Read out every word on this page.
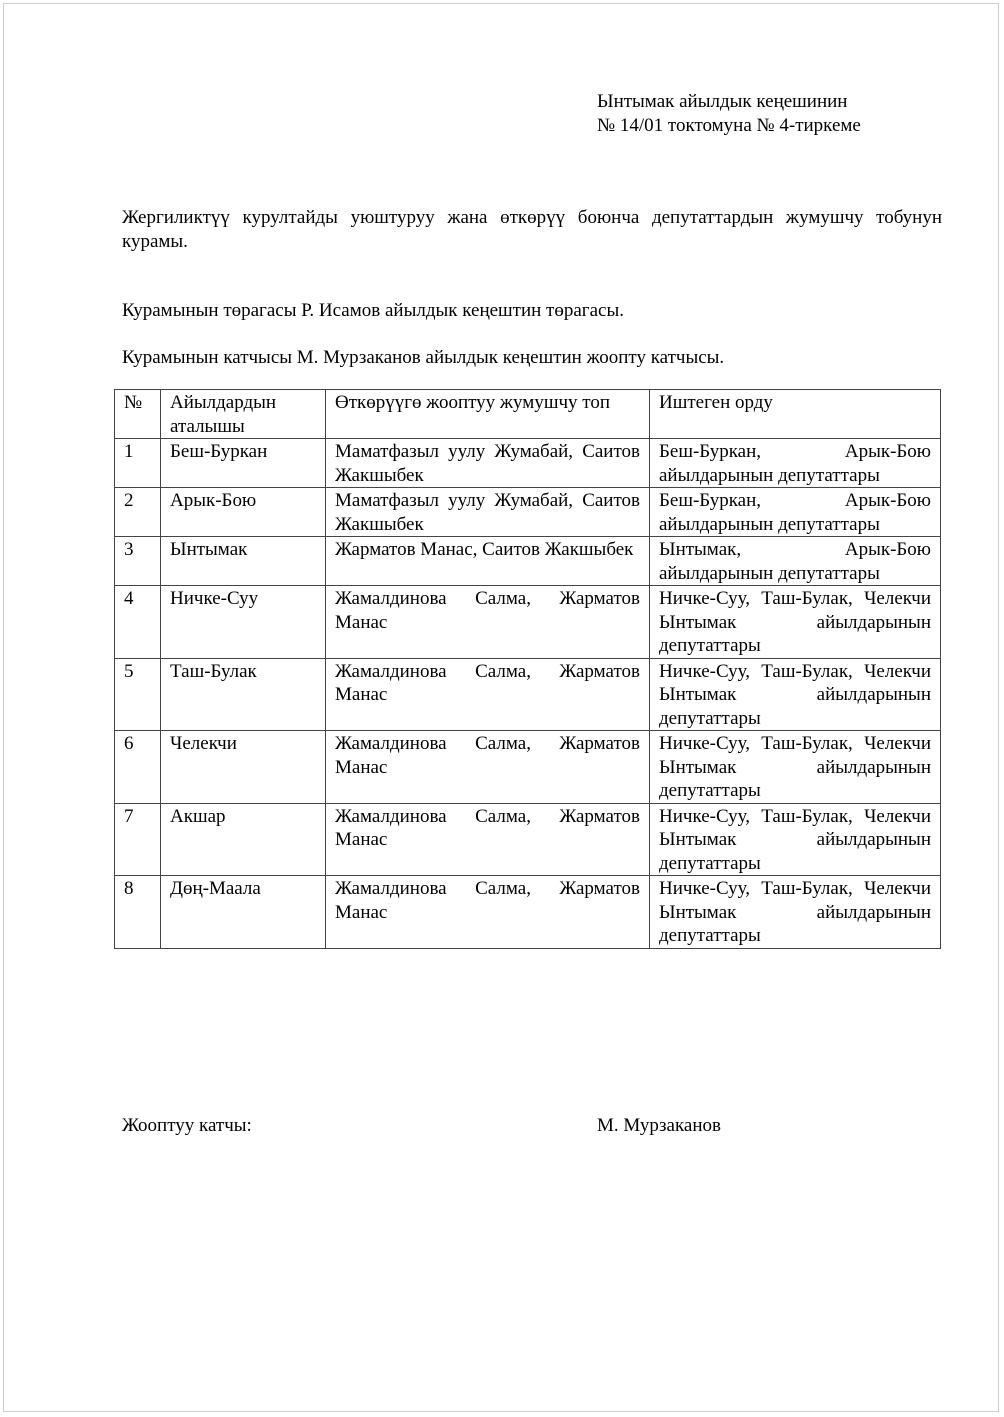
Ынтымак айылдык кеңешинин
№ 14/01 токтомуна № 4-тиркеме
Жергиликтүү курултайды уюштуруу жана өткөрүү боюнча депутаттардын жумушчу тобунун курамы.
Курамынын төрагасы Р. Исамов айылдык кеңештин төрагасы.
Курамынын катчысы М. Мурзаканов айылдык кеңештин жоопту катчысы.
№	Айылдардын аталышы	Өткөрүүгө жооптуу жумушчу топ	Иштеген орду
1	Беш-Буркан	Маматфазыл уулу Жумабай, Саитов Жакшыбек	Беш-Буркан, Арык-Бою айылдарынын депутаттары
2	Арык-Бою	Маматфазыл уулу Жумабай, Саитов Жакшыбек	Беш-Буркан, Арык-Бою айылдарынын депутаттары
3	Ынтымак	Жарматов Манас, Саитов Жакшыбек	Ынтымак, Арык-Бою айылдарынын депутаттары
4	Ничке-Суу	Жамалдинова Салма, Жарматов Манас	Ничке-Суу, Таш-Булак, Челекчи Ынтымак айылдарынын депутаттары
5	Таш-Булак	Жамалдинова Салма, Жарматов Манас	Ничке-Суу, Таш-Булак, Челекчи Ынтымак айылдарынын депутаттары
6	Челекчи	Жамалдинова Салма, Жарматов Манас	Ничке-Суу, Таш-Булак, Челекчи Ынтымак айылдарынын депутаттары
7	Акшар	Жамалдинова Салма, Жарматов Манас	Ничке-Суу, Таш-Булак, Челекчи Ынтымак айылдарынын депутаттары
8	Дөң-Маала	Жамалдинова Салма, Жарматов Манас	Ничке-Суу, Таш-Булак, Челекчи Ынтымак айылдарынын депутаттары
Жооптуу катчы:	М. Мурзаканов
